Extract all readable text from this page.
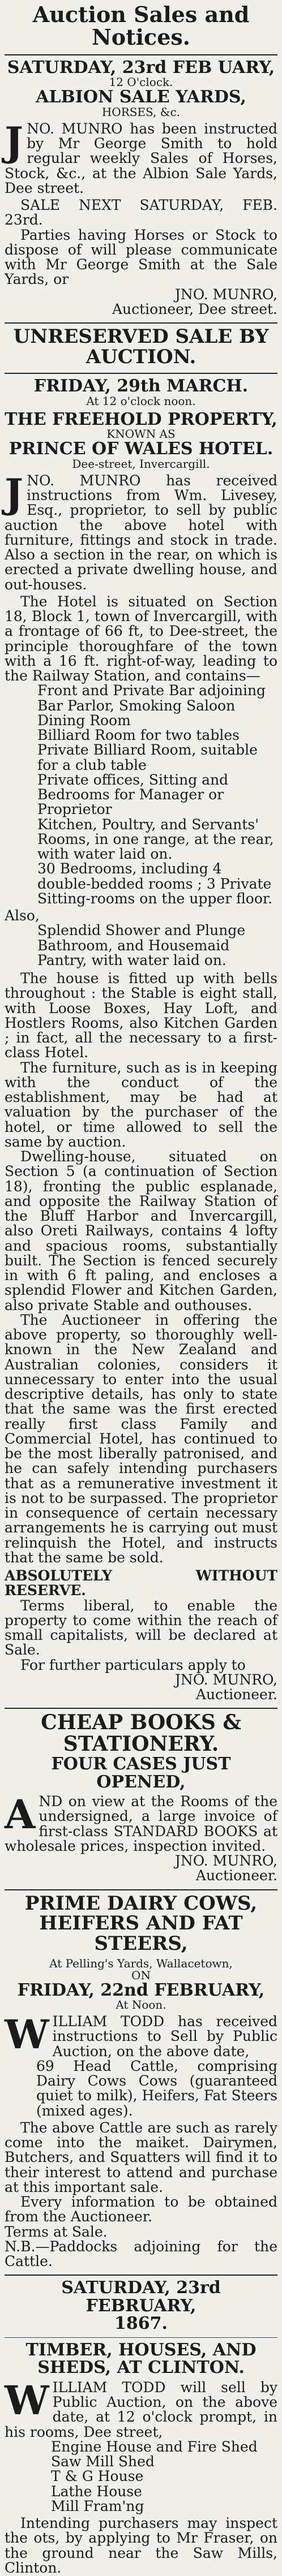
Auction Sales and Notices.
SATURDAY, 23rd FEB UARY,
12 O'clock.
ALBION SALE YARDS,
HORSES, &c.
J NO. MUNRO has been instructed by Mr George Smith to hold regular weekly Sales of Horses, Stock, &c., at the Albion Sale Yards, Dee street.
SALE NEXT SATURDAY, FEB. 23rd.
Parties having Horses or Stock to dispose of will please communicate with Mr George Smith at the Sale Yards, or
JNO. MUNRO,
Auctioneer, Dee street.
UNRESERVED SALE BY AUCTION.
FRIDAY, 29th MARCH.
At 12 o'clock noon.
THE FREEHOLD PROPERTY,
KNOWN AS
PRINCE OF WALES HOTEL.
Dee-street, Invercargill.
J NO. MUNRO has received instructions from Wm. Livesey, Esq., proprietor, to sell by public auction the above hotel with furniture, fittings and stock in trade. Also a section in the rear, on which is erected a private dwelling house, and out-houses.
The Hotel is situated on Section 18, Block 1, town of Invercargill, with a frontage of 66 ft, to Dee-street, the principle thoroughfare of the town with a 16 ft. right-of-way, leading to the Railway Station, and contains—
Front and Private Bar adjoining
Bar Parlor, Smoking Saloon
Dining Room
Billiard Room for two tables
Private Billiard Room, suitable for a club table
Private offices, Sitting and Bedrooms for Manager or Proprietor
Kitchen, Poultry, and Servants' Rooms, in one range, at the rear, with water laid on.
30 Bedrooms, including 4 double-bedded rooms ; 3 Private Sitting-rooms on the upper floor.
Also,
Splendid Shower and Plunge Bathroom, and Housemaid Pantry, with water laid on.
The house is fitted up with bells throughout : the Stable is eight stall, with Loose Boxes, Hay Loft, and Hostlers Rooms, also Kitchen Garden ; in fact, all the necessary to a first-class Hotel.
The furniture, such as is in keeping with the conduct of the establishment, may be had at valuation by the purchaser of the hotel, or time allowed to sell the same by auction.
Dwelling-house, situated on Section 5 (a continuation of Section 18), fronting the public esplanade, and opposite the Railway Station of the Bluff Harbor and Invercargill, also Oreti Railways, contains 4 lofty and spacious rooms, substantially built. The Section is fenced securely in with 6 ft paling, and encloses a splendid Flower and Kitchen Garden, also private Stable and outhouses.
The Auctioneer in offering the above property, so thoroughly well-known in the New Zealand and Australian colonies, considers it unnecessary to enter into the usual descriptive details, has only to state that the same was the first erected really first class Family and Commercial Hotel, has continued to be the most liberally patronised, and he can safely intending purchasers that as a remunerative investment it is not to be surpassed. The proprietor in consequence of certain necessary arrangements he is carrying out must relinquish the Hotel, and instructs that the same be sold.
ABSOLUTELY WITHOUT RESERVE.
Terms liberal, to enable the property to come within the reach of small capitalists, will be declared at Sale.
For further particulars apply to
JNO. MUNRO,
Auctioneer.
CHEAP BOOKS & STATIONERY.
FOUR CASES JUST OPENED,
A ND on view at the Rooms of the undersigned, a large invoice of first-class STANDARD BOOKS at wholesale prices, inspection invited.
JNO. MUNRO,
Auctioneer.
PRIME DAIRY COWS, HEIFERS AND FAT STEERS,
At Pelling's Yards, Wallacetown,
ON
FRIDAY, 22nd FEBRUARY,
At Noon.
W ILLIAM TODD has received instructions to Sell by Public Auction, on the above date,
69 Head Cattle, comprising Dairy Cows Cows (guaranteed quiet to milk), Heifers, Fat Steers (mixed ages).
The above Cattle are such as rarely come into the maiket. Dairymen, Butchers, and Squatters will find it to their interest to attend and purchase at this important sale.
Every information to be obtained from the Auctioneer.
Terms at Sale.
N.B.—Paddocks adjoining for the Cattle.
SATURDAY, 23rd FEBRUARY,
1867.
TIMBER, HOUSES, AND SHEDS, AT CLINTON.
W ILLIAM TODD will sell by Public Auction, on the above date, at 12 o'clock prompt, in his rooms, Dee street,
Engine House and Fire Shed
Saw Mill Shed
T & G House
Lathe House
Mill Fram'ng
Intending purchasers may inspect the ots, by applying to Mr Fraser, on the ground near the Saw Mills, Clinton.
